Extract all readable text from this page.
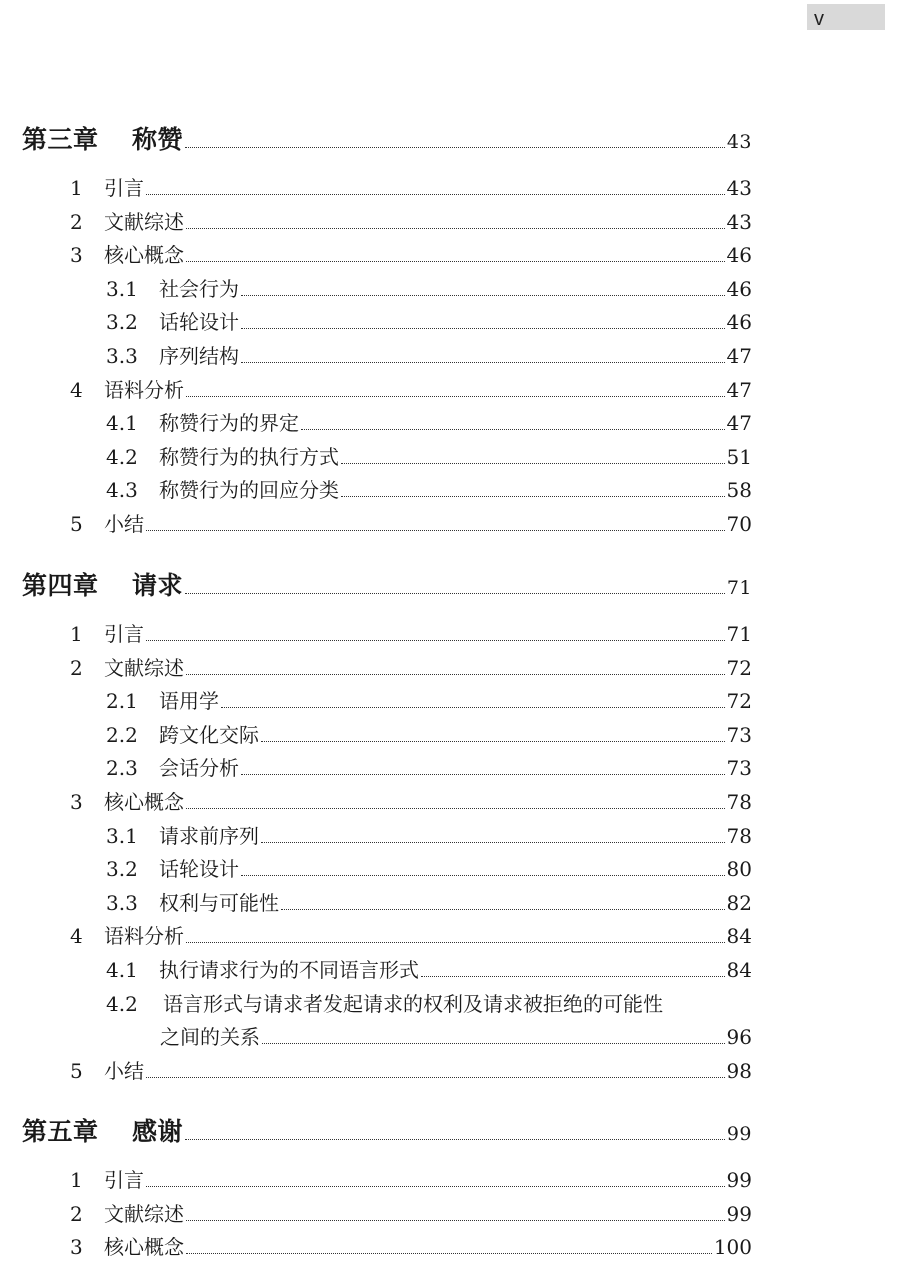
v
第三章	称赞	43
1	引言	43
2	文献综述	43
3	核心概念	46
3.1	社会行为	46
3.2	话轮设计	46
3.3	序列结构	47
4	语料分析	47
4.1	称赞行为的界定	47
4.2	称赞行为的执行方式	51
4.3	称赞行为的回应分类	58
5	小结	70
第四章	请求	71
1	引言	71
2	文献综述	72
2.1	语用学	72
2.2	跨文化交际	73
2.3	会话分析	73
3	核心概念	78
3.1	请求前序列	78
3.2	话轮设计	80
3.3	权利与可能性	82
4	语料分析	84
4.1	执行请求行为的不同语言形式	84
4.2	语言形式与请求者发起请求的权利及请求被拒绝的可能性
之间的关系	96
5	小结	98
第五章	感谢	99
1	引言	99
2	文献综述	99
3	核心概念	100
